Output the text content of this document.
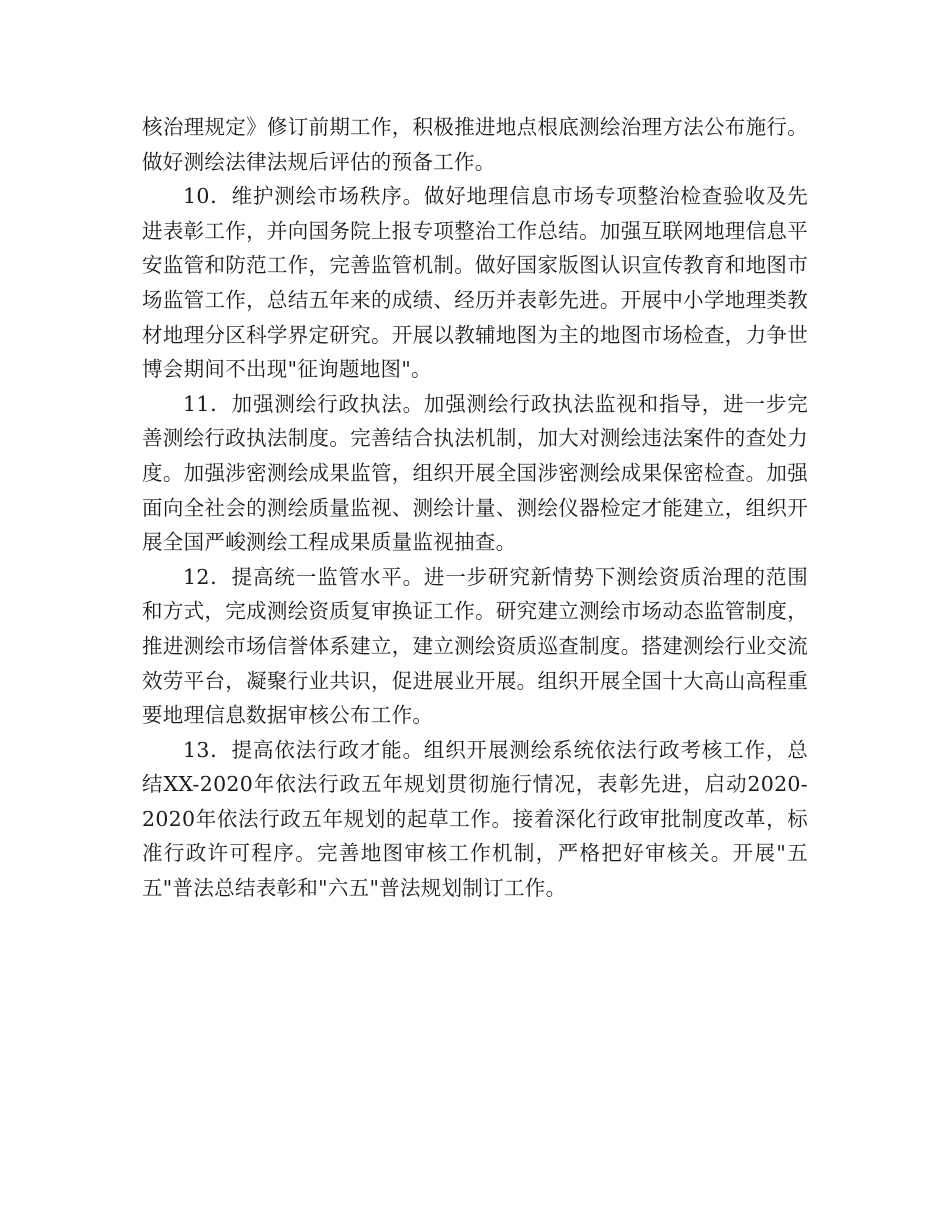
核治理规定》修订前期工作，积极推进地点根底测绘治理方法公布施行。做好测绘法律法规后评估的预备工作。

10．维护测绘市场秩序。做好地理信息市场专项整治检查验收及先进表彰工作，并向国务院上报专项整治工作总结。加强互联网地理信息平安监管和防范工作，完善监管机制。做好国家版图认识宣传教育和地图市场监管工作，总结五年来的成绩、经历并表彰先进。开展中小学地理类教材地理分区科学界定研究。开展以教辅地图为主的地图市场检查，力争世博会期间不出现"征询题地图"。

11．加强测绘行政执法。加强测绘行政执法监视和指导，进一步完善测绘行政执法制度。完善结合执法机制，加大对测绘违法案件的查处力度。加强涉密测绘成果监管，组织开展全国涉密测绘成果保密检查。加强面向全社会的测绘质量监视、测绘计量、测绘仪器检定才能建立，组织开展全国严峻测绘工程成果质量监视抽查。

12．提高统一监管水平。进一步研究新情势下测绘资质治理的范围和方式，完成测绘资质复审换证工作。研究建立测绘市场动态监管制度，推进测绘市场信誉体系建立，建立测绘资质巡查制度。搭建测绘行业交流效劳平台，凝聚行业共识，促进展业开展。组织开展全国十大高山高程重要地理信息数据审核公布工作。

13．提高依法行政才能。组织开展测绘系统依法行政考核工作，总结XX-2020年依法行政五年规划贯彻施行情况，表彰先进，启动2020-2020年依法行政五年规划的起草工作。接着深化行政审批制度改革，标准行政许可程序。完善地图审核工作机制，严格把好审核关。开展"五五"普法总结表彰和"六五"普法规划制订工作。
